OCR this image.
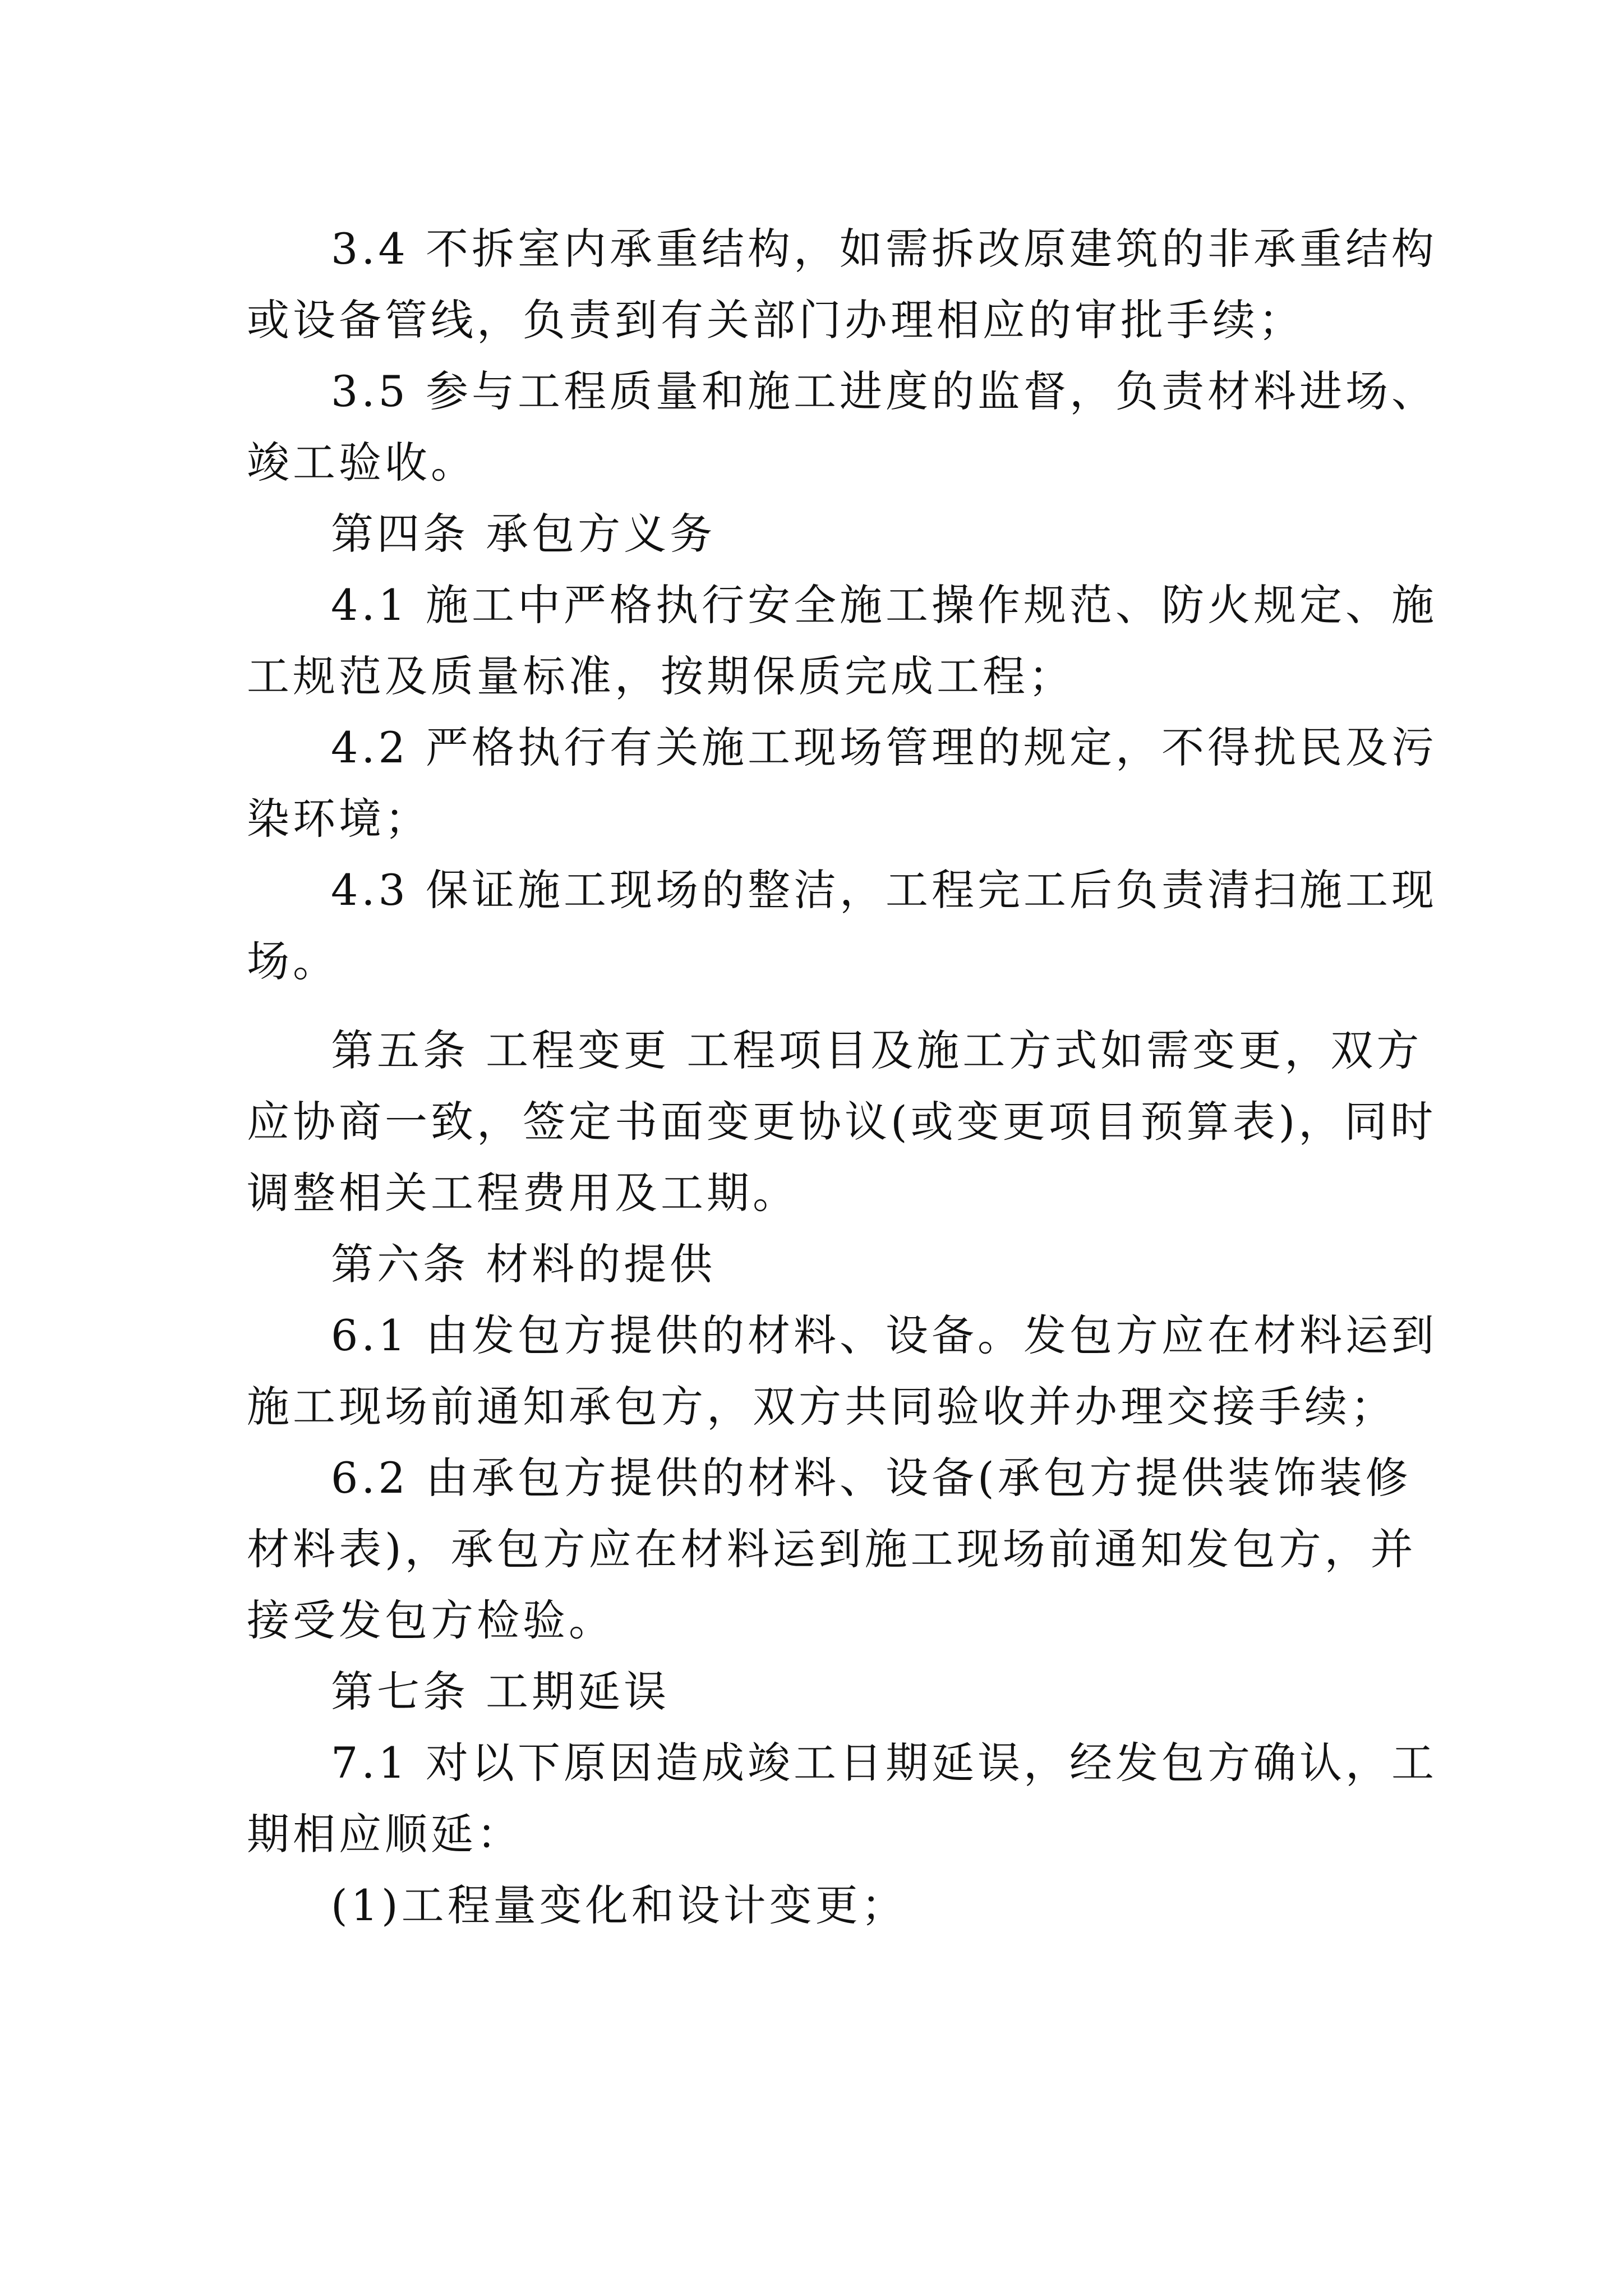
3.4 不拆室内承重结构，如需拆改原建筑的非承重结构
或设备管线，负责到有关部门办理相应的审批手续；
3.5 参与工程质量和施工进度的监督，负责材料进场、
竣工验收。
第四条 承包方义务
4.1 施工中严格执行安全施工操作规范、防火规定、施
工规范及质量标准，按期保质完成工程；
4.2 严格执行有关施工现场管理的规定，不得扰民及污
染环境；
4.3 保证施工现场的整洁，工程完工后负责清扫施工现
场。
第五条 工程变更 工程项目及施工方式如需变更，双方
应协商一致，签定书面变更协议(或变更项目预算表)，同时
调整相关工程费用及工期。
第六条 材料的提供
6.1 由发包方提供的材料、设备。发包方应在材料运到
施工现场前通知承包方，双方共同验收并办理交接手续；
6.2 由承包方提供的材料、设备(承包方提供装饰装修
材料表)，承包方应在材料运到施工现场前通知发包方，并
接受发包方检验。
第七条 工期延误
7.1 对以下原因造成竣工日期延误，经发包方确认，工
期相应顺延：
(1)工程量变化和设计变更；
